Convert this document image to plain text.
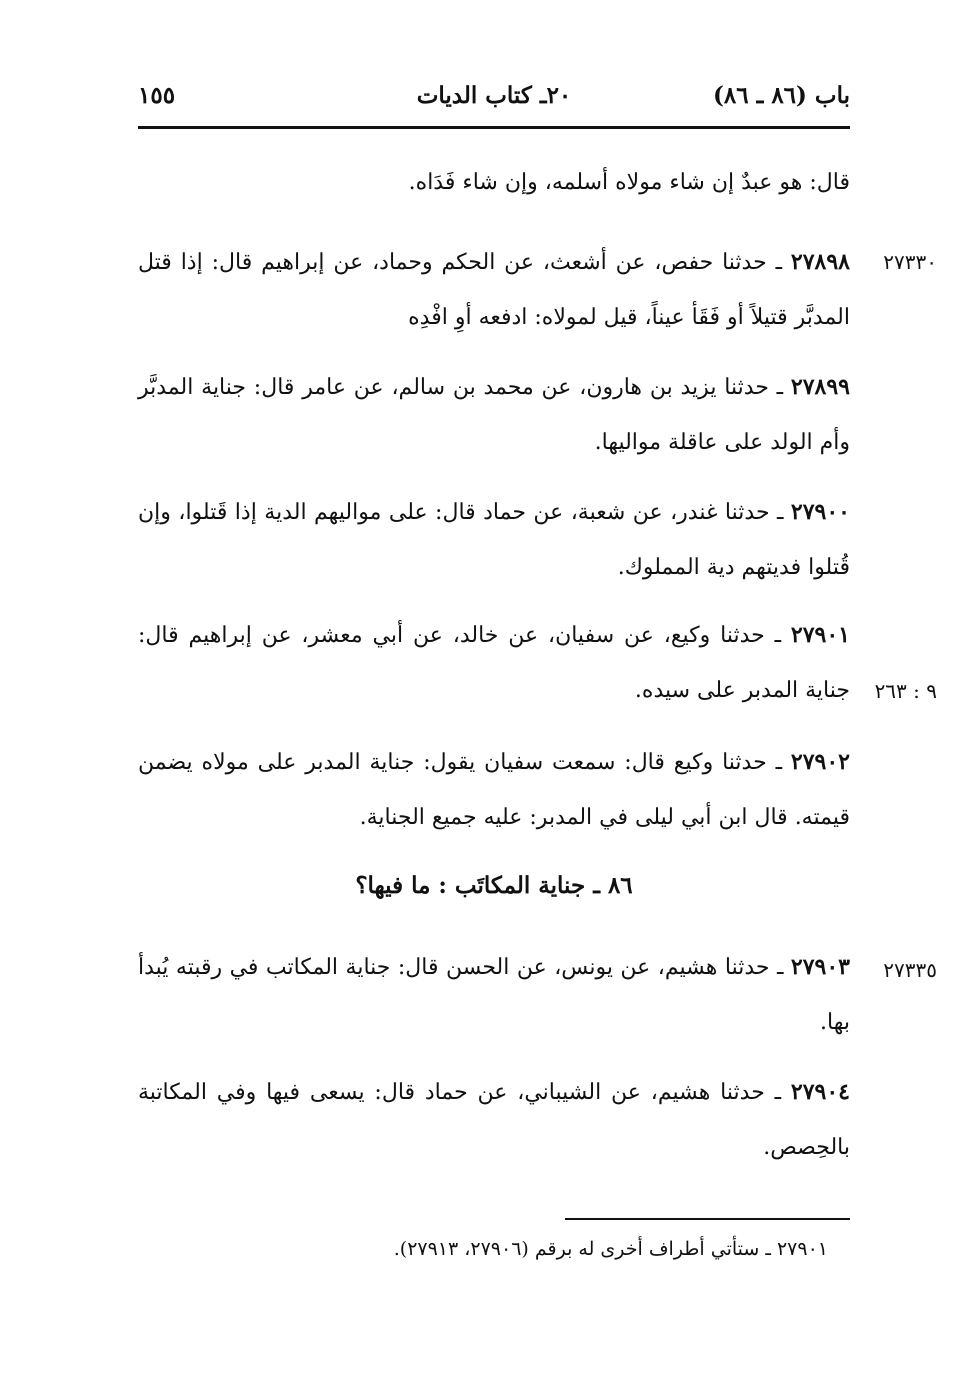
باب (٨٦ ـ ٨٦)
٢٠ـ كتاب الديات
١٥٥
قال: هو عبدٌ إن شاء مولاه أسلمه، وإن شاء فَدَاه.
٢٧٣٣٠
٢٧٨٩٨ ـ حدثنا حفص، عن أشعث، عن الحكم وحماد، عن إبراهيم قال: إذا قتل المدبَّر قتيلاً أو فَقَأ عيناً، قيل لمولاه: ادفعه أوِ افْدِه
٢٧٨٩٩ ـ حدثنا يزيد بن هارون، عن محمد بن سالم، عن عامر قال: جناية المدبَّر وأم الولد على عاقلة مواليها.
٢٧٩٠٠ ـ حدثنا غندر، عن شعبة، عن حماد قال: على مواليهم الدية إذا قَتلوا، وإن قُتلوا فديتهم دية المملوك.
٢٧٩٠١ ـ حدثنا وكيع، عن سفيان، عن خالد، عن أبي معشر، عن إبراهيم قال: جناية المدبر على سيده. ٩ : ٢٦٣
٢٧٩٠٢ ـ حدثنا وكيع قال: سمعت سفيان يقول: جناية المدبر على مولاه يضمن قيمته. قال ابن أبي ليلى في المدبر: عليه جميع الجناية.
٨٦ ـ جناية المكاتَب : ما فيها؟
٢٧٣٣٥
٢٧٩٠٣ ـ حدثنا هشيم، عن يونس، عن الحسن قال: جناية المكاتب في رقبته يُبدأ بها.
٢٧٩٠٤ ـ حدثنا هشيم، عن الشيباني، عن حماد قال: يسعى فيها وفي المكاتبة بالحِصص.
٢٧٩٠١ ـ ستأتي أطراف أخرى له برقم (٢٧٩٠٦، ٢٧٩١٣).
